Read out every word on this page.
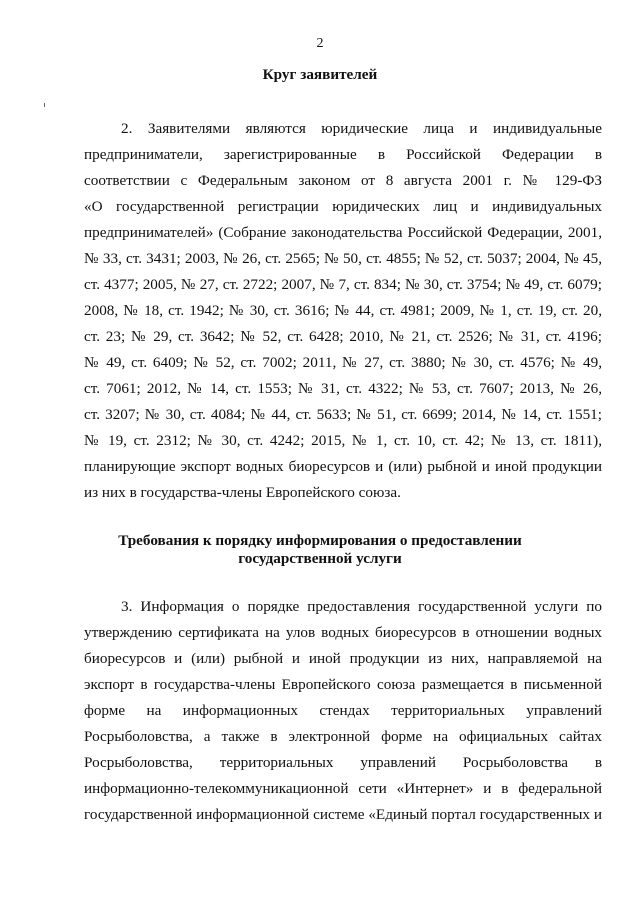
2
Круг заявителей
2. Заявителями являются юридические лица и индивидуальные
предприниматели, зарегистрированные в Российской Федерации в
соответствии с Федеральным законом от 8 августа 2001 г. № 129-ФЗ
«О государственной регистрации юридических лиц и индивидуальных
предпринимателей» (Собрание законодательства Российской Федерации, 2001,
№ 33, ст. 3431; 2003, № 26, ст. 2565; № 50, ст. 4855; № 52, ст. 5037; 2004, № 45,
ст. 4377; 2005, № 27, ст. 2722; 2007, № 7, ст. 834; № 30, ст. 3754; № 49, ст. 6079;
2008, № 18, ст. 1942; № 30, ст. 3616; № 44, ст. 4981; 2009, № 1, ст. 19, ст. 20,
ст. 23; № 29, ст. 3642; № 52, ст. 6428; 2010, № 21, ст. 2526; № 31, ст. 4196;
№ 49, ст. 6409; № 52, ст. 7002; 2011, № 27, ст. 3880; № 30, ст. 4576; № 49,
ст. 7061; 2012, № 14, ст. 1553; № 31, ст. 4322; № 53, ст. 7607; 2013, № 26,
ст. 3207; № 30, ст. 4084; № 44, ст. 5633; № 51, ст. 6699; 2014, № 14, ст. 1551;
№ 19, ст. 2312; № 30, ст. 4242; 2015, № 1, ст. 10, ст. 42; № 13, ст. 1811),
планирующие экспорт водных биоресурсов и (или) рыбной и иной продукции
из них в государства-члены Европейского союза.
Требования к порядку информирования о предоставлении
государственной услуги
3. Информация о порядке предоставления государственной услуги по
утверждению сертификата на улов водных биоресурсов в отношении водных
биоресурсов и (или) рыбной и иной продукции из них, направляемой на
экспорт в государства-члены Европейского союза размещается в письменной
форме на информационных стендах территориальных управлений
Росрыболовства, а также в электронной форме на официальных сайтах
Росрыболовства, территориальных управлений Росрыболовства в
информационно-телекоммуникационной сети «Интернет» и в федеральной
государственной информационной системе «Единый портал государственных и
